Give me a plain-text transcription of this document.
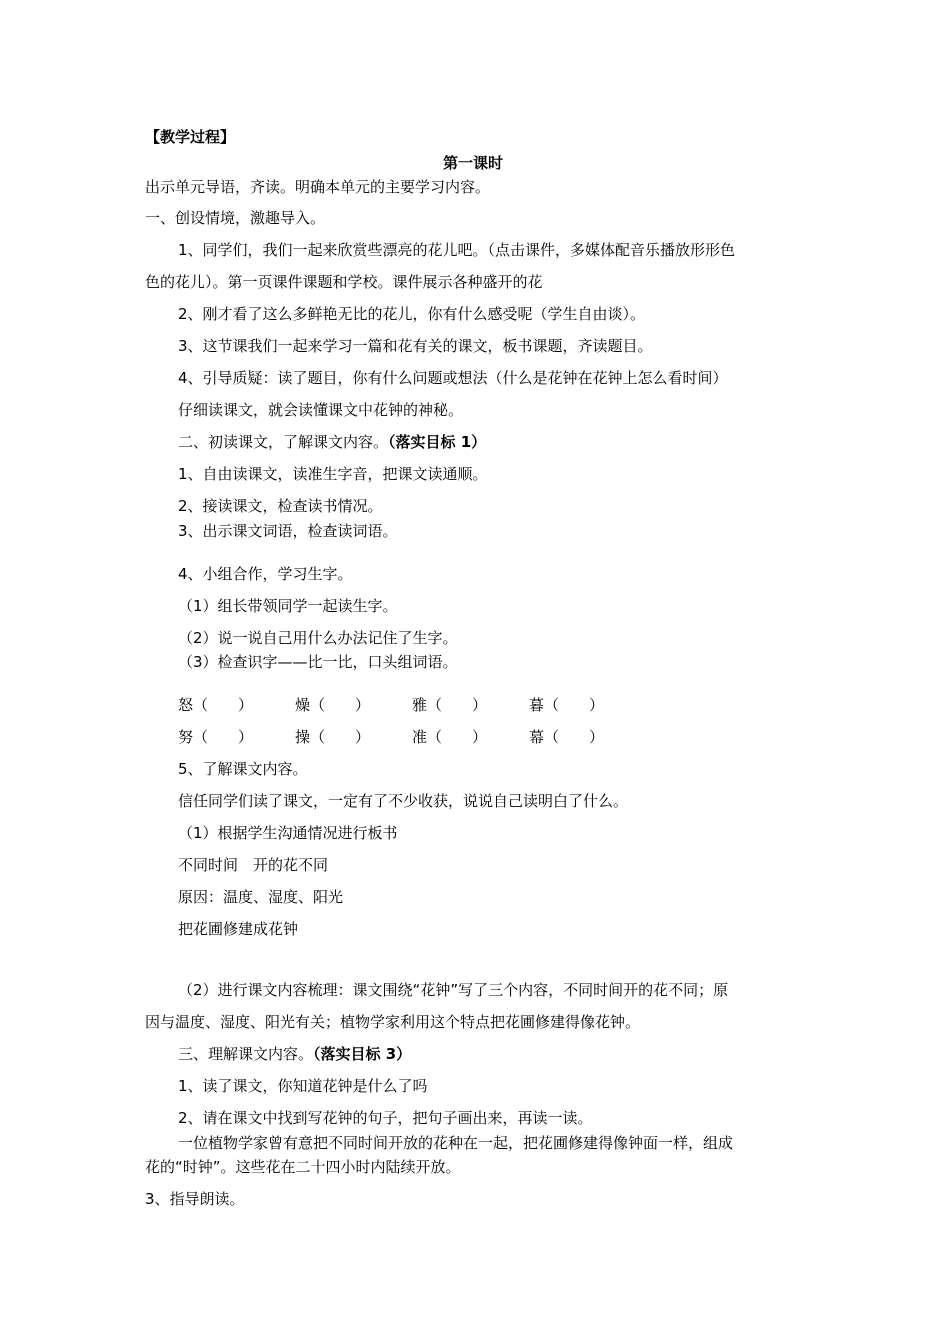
【教学过程】
第一课时
出示单元导语，齐读。明确本单元的主要学习内容。
一、创设情境，激趣导入。
1、同学们，我们一起来欣赏些漂亮的花儿吧。（点击课件，多媒体配音乐播放形形色
色的花儿）。第一页课件课题和学校。课件展示各种盛开的花
2、刚才看了这么多鲜艳无比的花儿，你有什么感受呢（学生自由谈）。
3、这节课我们一起来学习一篇和花有关的课文，板书课题，齐读题目。
4、引导质疑：读了题目，你有什么问题或想法（什么是花钟在花钟上怎么看时间）
仔细读课文，就会读懂课文中花钟的神秘。
二、初读课文，了解课文内容。（落实目标 1）
1、自由读课文，读准生字音，把课文读通顺。
2、接读课文，检查读书情况。
3、出示课文词语，检查读词语。
4、小组合作，学习生字。
（1）组长带领同学一起读生字。
（2）说一说自己用什么办法记住了生字。
（3）检查识字——比一比，口头组词语。
怒（　　）	燥（　　）	雅（　　）	暮（　　）
努（　　）	操（　　）	准（　　）	幕（　　）
5、了解课文内容。
信任同学们读了课文，一定有了不少收获，说说自己读明白了什么。
（1）根据学生沟通情况进行板书
不同时间　开的花不同
原因：温度、湿度、阳光
把花圃修建成花钟
（2）进行课文内容梳理：课文围绕“花钟”写了三个内容，不同时间开的花不同；原
因与温度、湿度、阳光有关；植物学家利用这个特点把花圃修建得像花钟。
三、理解课文内容。（落实目标 3）
1、读了课文，你知道花钟是什么了吗
2、请在课文中找到写花钟的句子，把句子画出来，再读一读。
一位植物学家曾有意把不同时间开放的花种在一起，把花圃修建得像钟面一样，组成
花的“时钟”。这些花在二十四小时内陆续开放。
3、指导朗读。
